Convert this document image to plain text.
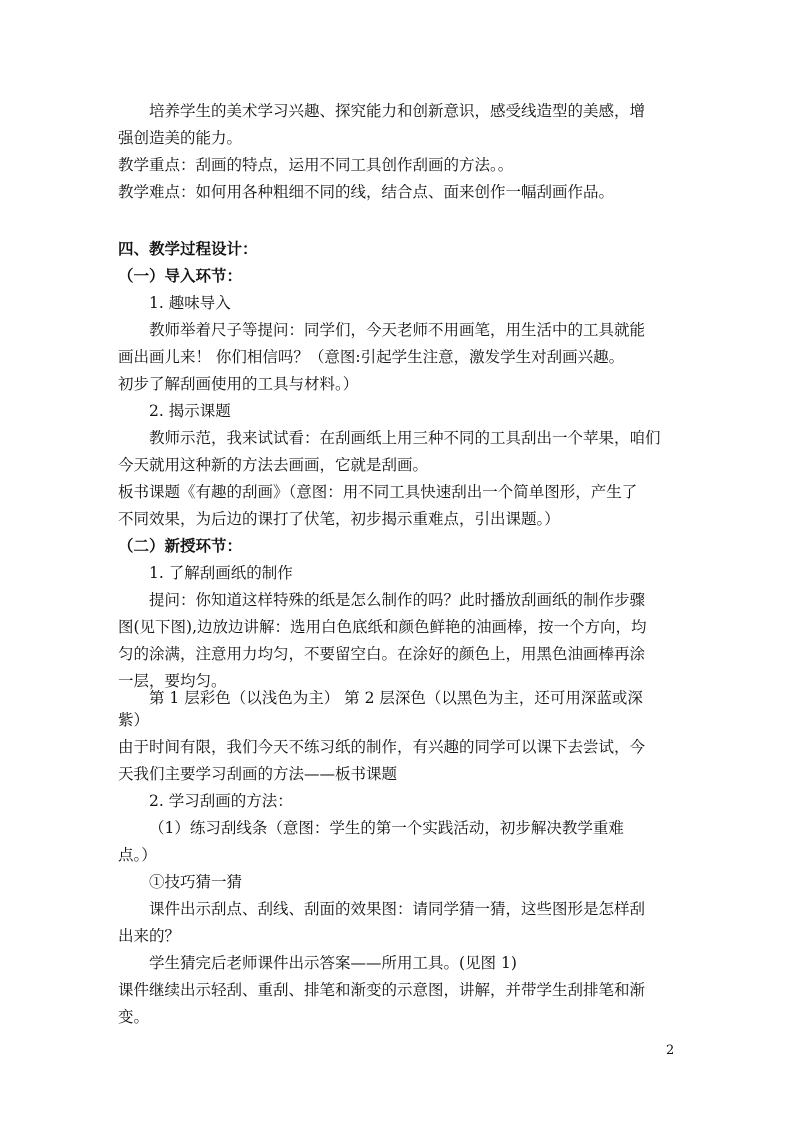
培养学生的美术学习兴趣、探究能力和创新意识，感受线造型的美感，增
强创造美的能力。
教学重点：刮画的特点，运用不同工具创作刮画的方法。。
教学难点：如何用各种粗细不同的线，结合点、面来创作一幅刮画作品。
四、教学过程设计：
（一）导入环节：
1. 趣味导入
教师举着尺子等提问：同学们，今天老师不用画笔，用生活中的工具就能
画出画儿来！ 你们相信吗？（意图:引起学生注意，激发学生对刮画兴趣。
初步了解刮画使用的工具与材料。）
2. 揭示课题
教师示范，我来试试看：在刮画纸上用三种不同的工具刮出一个苹果，咱们
今天就用这种新的方法去画画，它就是刮画。
板书课题《有趣的刮画》（意图：用不同工具快速刮出一个简单图形，产生了
不同效果，为后边的课打了伏笔，初步揭示重难点，引出课题。）
（二）新授环节：
1. 了解刮画纸的制作
提问：你知道这样特殊的纸是怎么制作的吗？此时播放刮画纸的制作步骤
图(见下图),边放边讲解：选用白色底纸和颜色鲜艳的油画棒，按一个方向，均
匀的涂满，注意用力均匀，不要留空白。在涂好的颜色上，用黑色油画棒再涂
一层，要均匀。
第 1 层彩色（以浅色为主） 第 2 层深色（以黑色为主，还可用深蓝或深
紫）
由于时间有限，我们今天不练习纸的制作，有兴趣的同学可以课下去尝试，今
天我们主要学习刮画的方法——板书课题
2. 学习刮画的方法：
（1）练习刮线条（意图：学生的第一个实践活动，初步解决教学重难
点。）
①技巧猜一猜
课件出示刮点、刮线、刮面的效果图：请同学猜一猜，这些图形是怎样刮
出来的？
学生猜完后老师课件出示答案——所用工具。(见图 1)
课件继续出示轻刮、重刮、排笔和渐变的示意图，讲解，并带学生刮排笔和渐
变。
2
